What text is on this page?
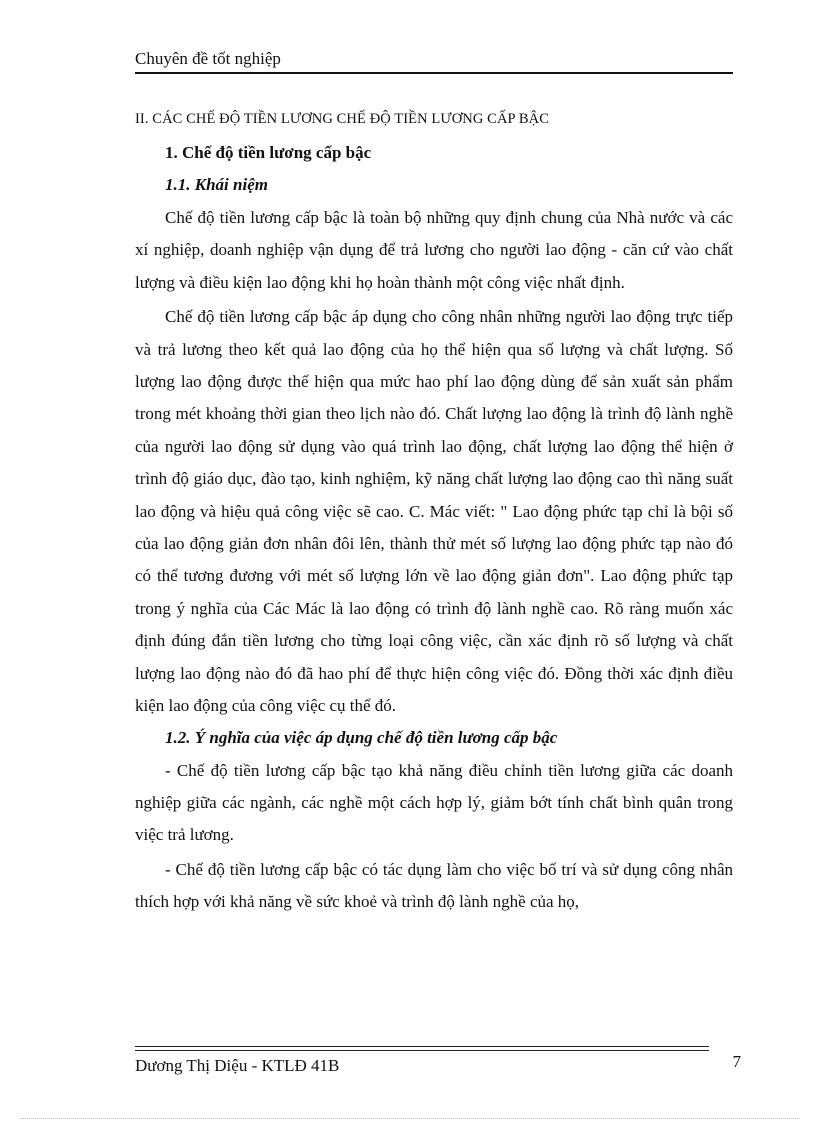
Chuyên đề tốt nghiệp
II. CÁC CHẾ ĐỘ TIỀN LƯƠNG CHẾ ĐỘ TIỀN LƯƠNG CẤP BẬC
1. Chế độ tiền lương cấp bậc
1.1. Khái niệm

Chế độ tiền lương cấp bậc là toàn bộ những quy định chung của Nhà nước và các xí nghiệp, doanh nghiệp vận dụng để trả lương cho người lao động - căn cứ vào chất lượng và điều kiện lao động khi họ hoàn thành một công việc nhất định.

Chế độ tiền lương cấp bậc áp dụng cho công nhân những người lao động trực tiếp và trả lương theo kết quả lao động của họ thể hiện qua số lượng và chất lượng. Số lượng lao động được thể hiện qua mức hao phí lao động dùng để sản xuất sản phẩm trong mét khoảng thời gian theo lịch nào đó. Chất lượng lao động là trình độ lành nghề của người lao động sử dụng vào quá trình lao động, chất lượng lao động thể hiện ở trình độ giáo dục, đào tạo, kinh nghiệm, kỹ năng chất lượng lao động cao thì năng suất lao động và hiệu quả công việc sẽ cao. C. Mác viết: " Lao động phức tạp chỉ là bội số của lao động giản đơn nhân đôi lên, thành thử mét số lượng lao động phức tạp nào đó có thể tương đương với mét số lượng lớn về lao động giản đơn". Lao động phức tạp trong ý nghĩa của Các Mác là lao động có trình độ lành nghề cao. Rõ ràng muốn xác định đúng đắn tiền lương cho từng loại công việc, cần xác định rõ số lượng và chất lượng lao động nào đó đã hao phí để thực hiện công việc đó. Đồng thời xác định điều kiện lao động của công việc cụ thể đó.

1.2. Ý nghĩa của việc áp dụng chế độ tiền lương cấp bậc

- Chế độ tiền lương cấp bậc tạo khả năng điều chỉnh tiền lương giữa các doanh nghiệp giữa các ngành, các nghề một cách hợp lý, giảm bớt tính chất bình quân trong việc trả lương.

- Chế độ tiền lương cấp bậc có tác dụng làm cho việc bố trí và sử dụng công nhân thích hợp với khả năng về sức khoẻ và trình độ lành nghề của họ,

Dương Thị Diệu - KTLĐ 41B	7
